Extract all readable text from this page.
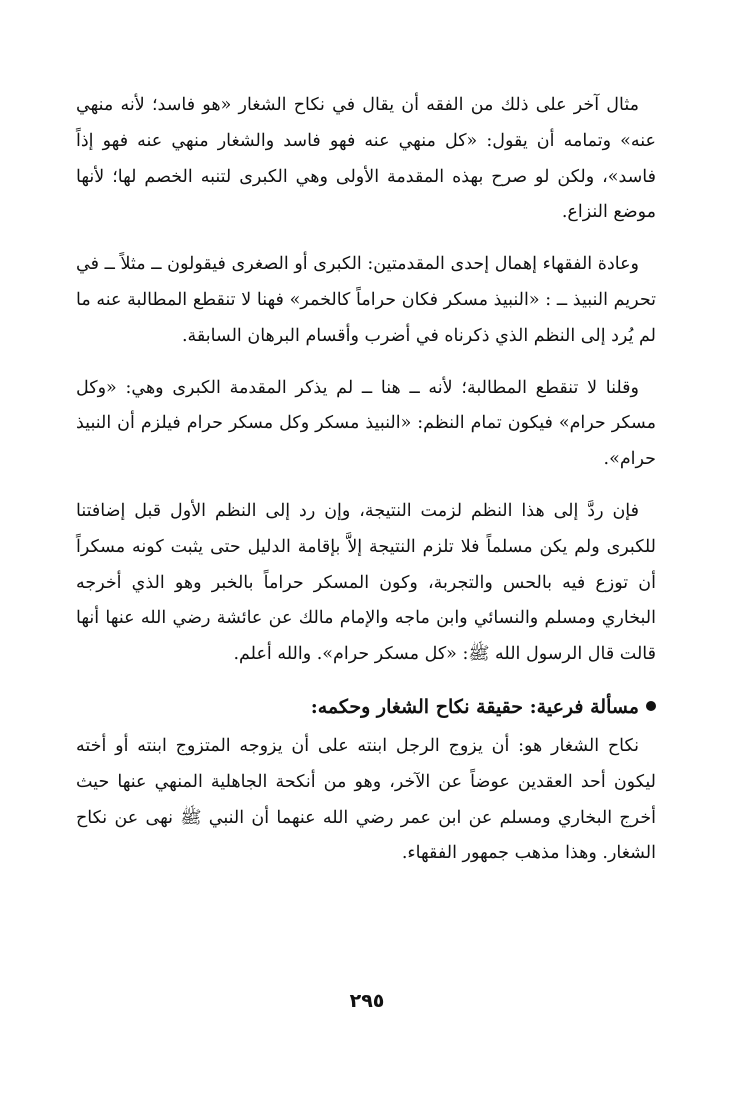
مثال آخر على ذلك من الفقه أن يقال في نكاح الشغار «هو فاسد؛ لأنه منهي عنه» وتمامه أن يقول: «كل منهي عنه فهو فاسد والشغار منهي عنه فهو إذاً فاسد»، ولكن لو صرح بهذه المقدمة الأولى وهي الكبرى لتنبه الخصم لها؛ لأنها موضع النزاع.

وعادة الفقهاء إهمال إحدى المقدمتين: الكبرى أو الصغرى فيقولون ــ مثلاً ــ في تحريم النبيذ ــ : «النبيذ مسكر فكان حراماً كالخمر» فهنا لا تنقطع المطالبة عنه ما لم يُرد إلى النظم الذي ذكرناه في أضرب وأقسام البرهان السابقة.

وقلنا لا تنقطع المطالبة؛ لأنه ــ هنا ــ لم يذكر المقدمة الكبرى وهي: «وكل مسكر حرام» فيكون تمام النظم: «النبيذ مسكر وكل مسكر حرام فيلزم أن النبيذ حرام».

فإن ردَّ إلى هذا النظم لزمت النتيجة، وإن رد إلى النظم الأول قبل إضافتنا للكبرى ولم يكن مسلماً فلا تلزم النتيجة إلاَّ بإقامة الدليل حتى يثبت كونه مسكراً أن توزع فيه بالحس والتجربة، وكون المسكر حراماً بالخبر وهو الذي أخرجه البخاري ومسلم والنسائي وابن ماجه والإمام مالك عن عائشة رضي الله عنها أنها قالت قال الرسول الله ﷺ: «كل مسكر حرام». والله أعلم.

مسألة فرعية: حقيقة نكاح الشغار وحكمه:

نكاح الشغار هو: أن يزوج الرجل ابنته على أن يزوجه المتزوج ابنته أو أخته ليكون أحد العقدين عوضاً عن الآخر، وهو من أنكحة الجاهلية المنهي عنها حيث أخرج البخاري ومسلم عن ابن عمر رضي الله عنهما أن النبي ﷺ نهى عن نكاح الشغار. وهذا مذهب جمهور الفقهاء.

٢٩٥
